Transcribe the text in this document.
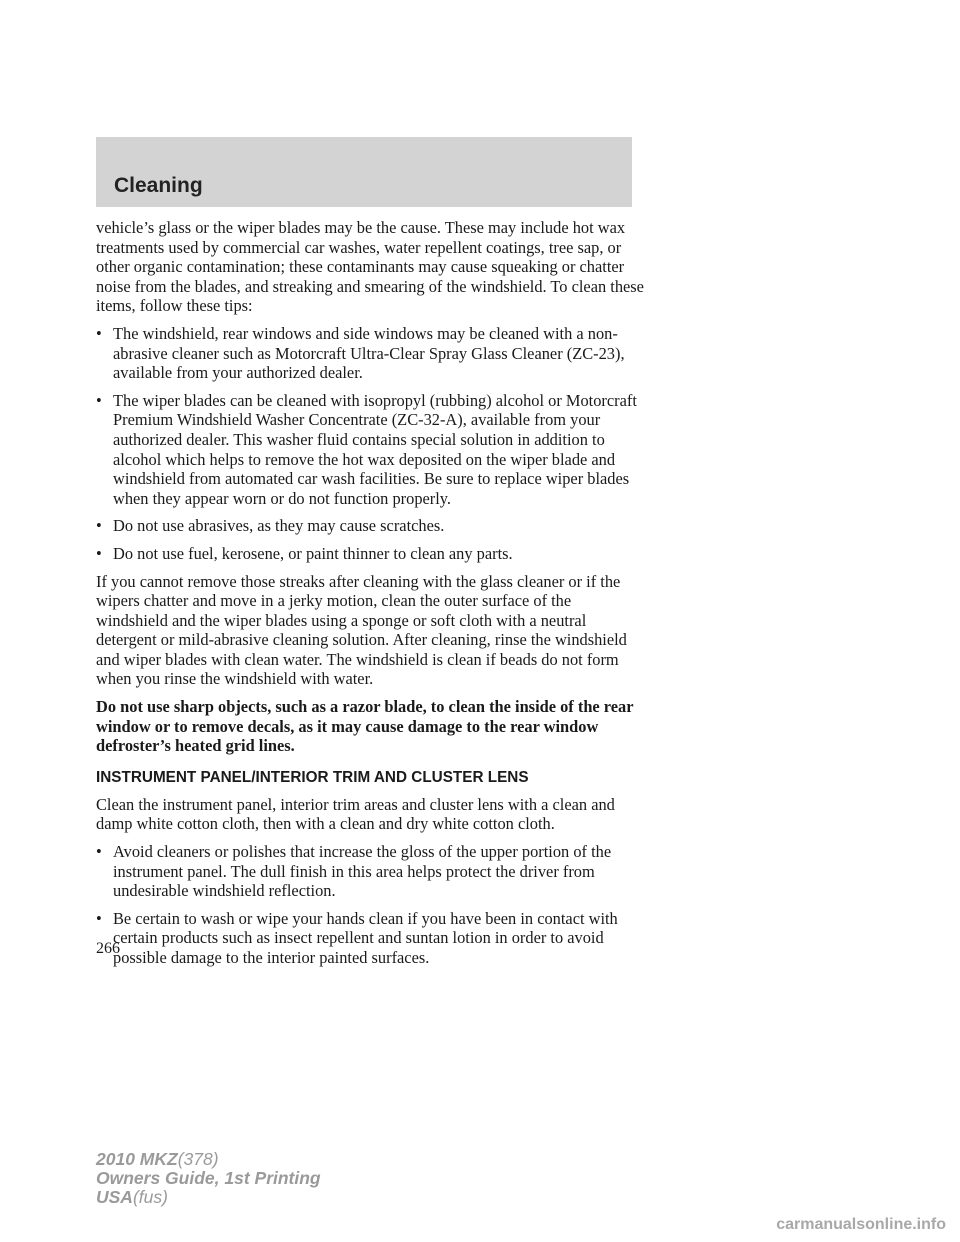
Cleaning

vehicle’s glass or the wiper blades may be the cause. These may include hot wax treatments used by commercial car washes, water repellent coatings, tree sap, or other organic contamination; these contaminants may cause squeaking or chatter noise from the blades, and streaking and smearing of the windshield. To clean these items, follow these tips:

• The windshield, rear windows and side windows may be cleaned with a non-abrasive cleaner such as Motorcraft Ultra-Clear Spray Glass Cleaner (ZC-23), available from your authorized dealer.
• The wiper blades can be cleaned with isopropyl (rubbing) alcohol or Motorcraft Premium Windshield Washer Concentrate (ZC-32-A), available from your authorized dealer. This washer fluid contains special solution in addition to alcohol which helps to remove the hot wax deposited on the wiper blade and windshield from automated car wash facilities. Be sure to replace wiper blades when they appear worn or do not function properly.
• Do not use abrasives, as they may cause scratches.
• Do not use fuel, kerosene, or paint thinner to clean any parts.

If you cannot remove those streaks after cleaning with the glass cleaner or if the wipers chatter and move in a jerky motion, clean the outer surface of the windshield and the wiper blades using a sponge or soft cloth with a neutral detergent or mild-abrasive cleaning solution. After cleaning, rinse the windshield and wiper blades with clean water. The windshield is clean if beads do not form when you rinse the windshield with water.

Do not use sharp objects, such as a razor blade, to clean the inside of the rear window or to remove decals, as it may cause damage to the rear window defroster’s heated grid lines.

INSTRUMENT PANEL/INTERIOR TRIM AND CLUSTER LENS

Clean the instrument panel, interior trim areas and cluster lens with a clean and damp white cotton cloth, then with a clean and dry white cotton cloth.

• Avoid cleaners or polishes that increase the gloss of the upper portion of the instrument panel. The dull finish in this area helps protect the driver from undesirable windshield reflection.
• Be certain to wash or wipe your hands clean if you have been in contact with certain products such as insect repellent and suntan lotion in order to avoid possible damage to the interior painted surfaces.
266
2010 MKZ(378)
Owners Guide, 1st Printing
USA(fus)
carmanualsonline.info
